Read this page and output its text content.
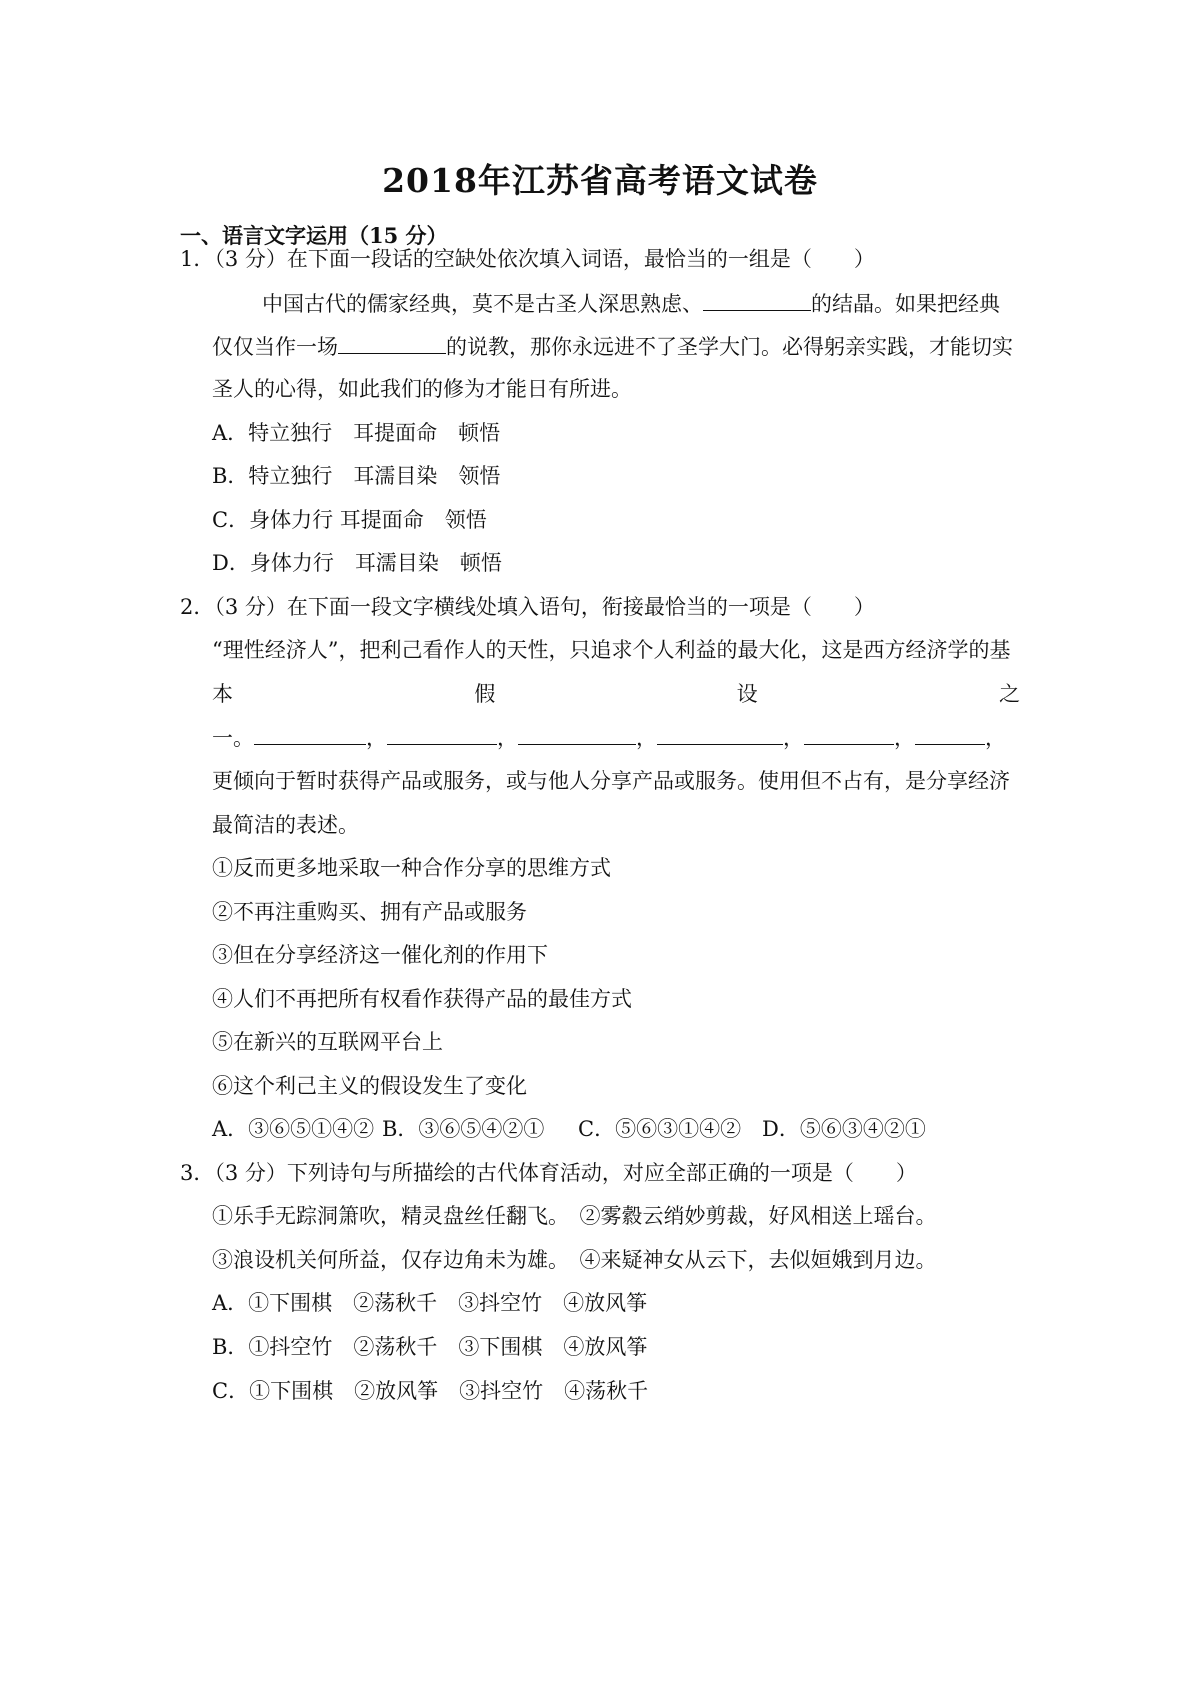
2018年江苏省高考语文试卷
一、语言文字运用（15 分）
1．（3 分）在下面一段话的空缺处依次填入词语，最恰当的一组是（　　）
中国古代的儒家经典，莫不是古圣人深思熟虑、	的结晶。如果把经典
仅仅当作一场	的说教，那你永远进不了圣学大门。必得躬亲实践，才能切实
圣人的心得，如此我们的修为才能日有所进。
A．特立独行　耳提面命　顿悟
B．特立独行　耳濡目染　领悟
C．身体力行 耳提面命　领悟
D．身体力行　耳濡目染　顿悟
2．（3 分）在下面一段文字横线处填入语句，衔接最恰当的一项是（　　）
“理性经济人”，把利己看作人的天性，只追求个人利益的最大化，这是西方经济学的基
本	假	设	之
一。	，	，	，	，	，	，
更倾向于暂时获得产品或服务，或与他人分享产品或服务。使用但不占有，是分享经济
最简洁的表述。
①反而更多地采取一种合作分享的思维方式
②不再注重购买、拥有产品或服务
③但在分享经济这一催化剂的作用下
④人们不再把所有权看作获得产品的最佳方式
⑤在新兴的互联网平台上
⑥这个利己主义的假设发生了变化
A．③⑥⑤①④② B．③⑥⑤④②① C．⑤⑥③①④② D．⑤⑥③④②①
3．（3 分）下列诗句与所描绘的古代体育活动，对应全部正确的一项是（　　）
①乐手无踪洞箫吹，精灵盘丝任翻飞。　②雾縠云绡妙剪裁，好风相送上瑶台。
③浪设机关何所益，仅存边角未为雄。　④来疑神女从云下，去似姮娥到月边。
A．①下围棋　②荡秋千　③抖空竹　④放风筝
B．①抖空竹　②荡秋千　③下围棋　④放风筝
C．①下围棋　②放风筝　③抖空竹　④荡秋千
